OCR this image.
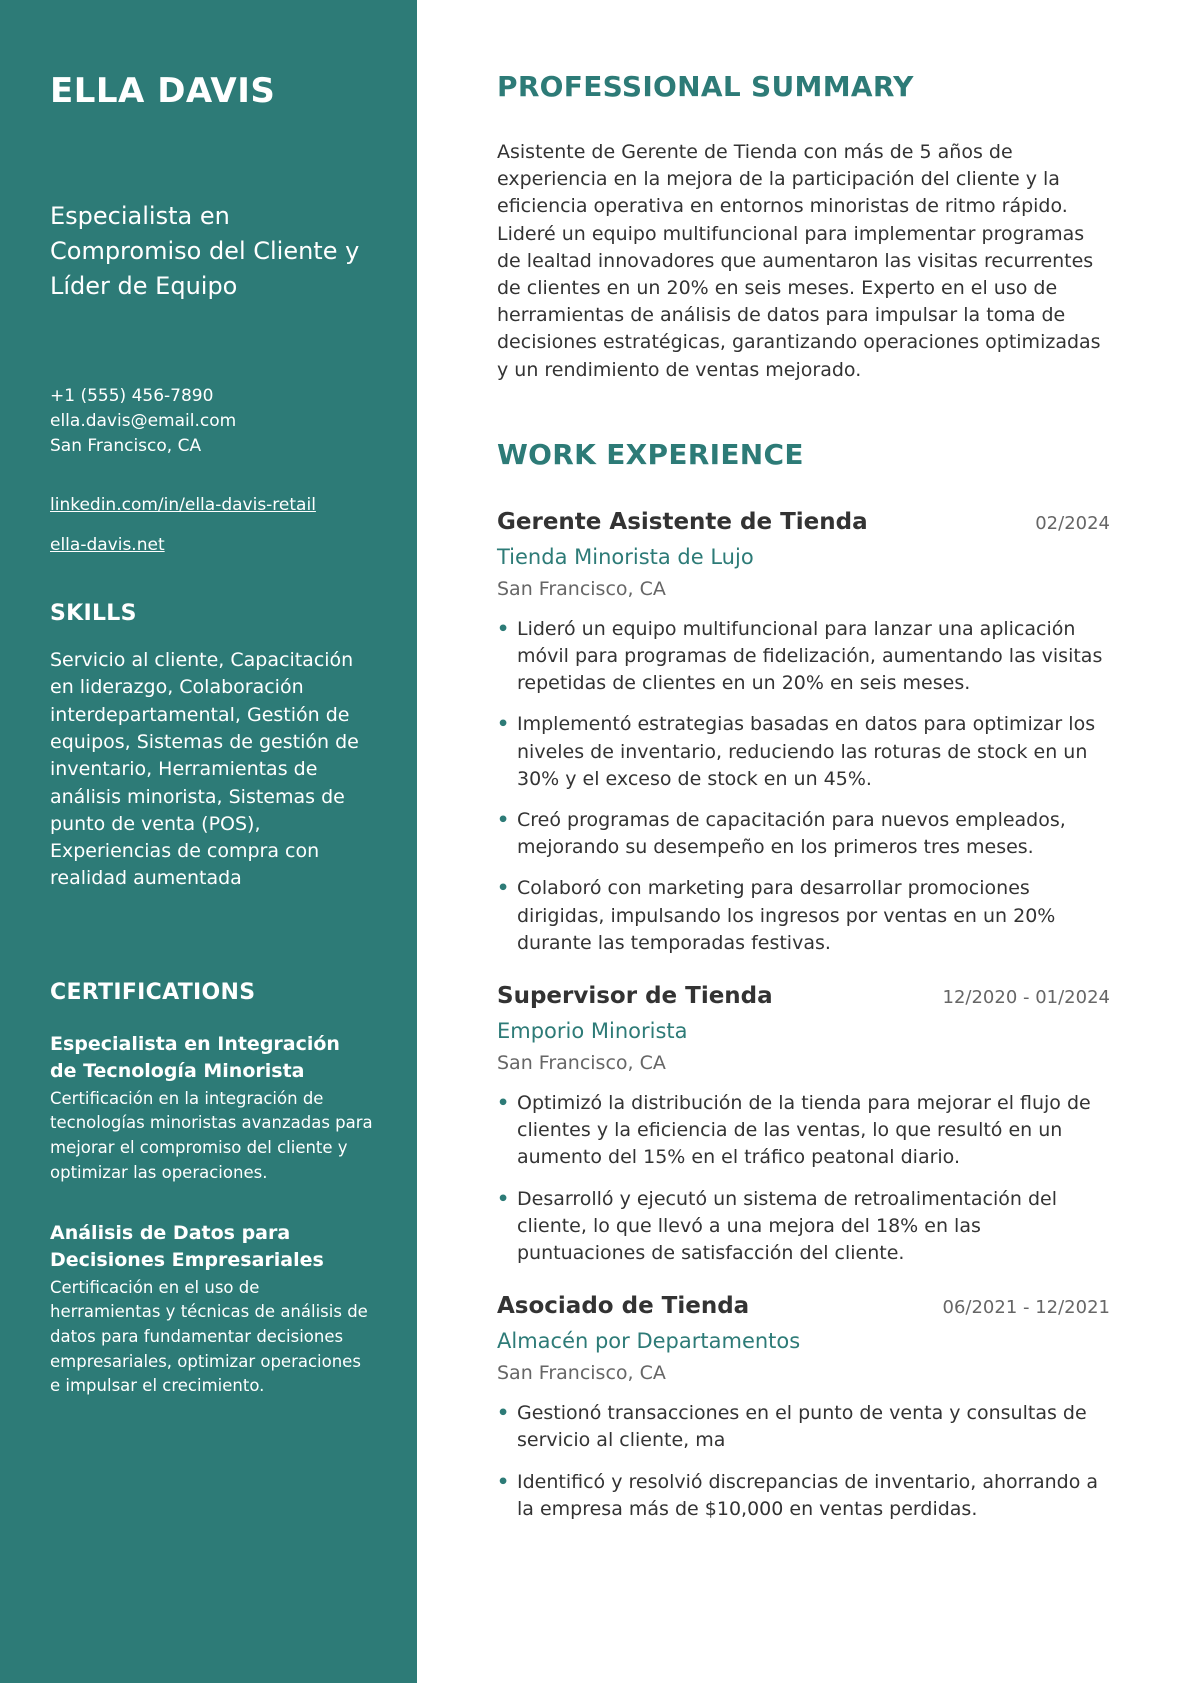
ELLA DAVIS
Especialista en Compromiso del Cliente y Líder de Equipo
+1 (555) 456-7890
ella.davis@email.com
San Francisco, CA
linkedin.com/in/ella-davis-retail
ella-davis.net
SKILLS
Servicio al cliente, Capacitación en liderazgo, Colaboración interdepartamental, Gestión de equipos, Sistemas de gestión de inventario, Herramientas de análisis minorista, Sistemas de punto de venta (POS), Experiencias de compra con realidad aumentada
CERTIFICATIONS
Especialista en Integración de Tecnología Minorista
Certificación en la integración de tecnologías minoristas avanzadas para mejorar el compromiso del cliente y optimizar las operaciones.
Análisis de Datos para Decisiones Empresariales
Certificación en el uso de herramientas y técnicas de análisis de datos para fundamentar decisiones empresariales, optimizar operaciones e impulsar el crecimiento.
PROFESSIONAL SUMMARY
Asistente de Gerente de Tienda con más de 5 años de experiencia en la mejora de la participación del cliente y la eficiencia operativa en entornos minoristas de ritmo rápido. Lideré un equipo multifuncional para implementar programas de lealtad innovadores que aumentaron las visitas recurrentes de clientes en un 20% en seis meses. Experto en el uso de herramientas de análisis de datos para impulsar la toma de decisiones estratégicas, garantizando operaciones optimizadas y un rendimiento de ventas mejorado.
WORK EXPERIENCE
Gerente Asistente de Tienda	02/2024
Tienda Minorista de Lujo
San Francisco, CA
• Lideró un equipo multifuncional para lanzar una aplicación móvil para programas de fidelización, aumentando las visitas repetidas de clientes en un 20% en seis meses.
• Implementó estrategias basadas en datos para optimizar los niveles de inventario, reduciendo las roturas de stock en un 30% y el exceso de stock en un 45%.
• Creó programas de capacitación para nuevos empleados, mejorando su desempeño en los primeros tres meses.
• Colaboró con marketing para desarrollar promociones dirigidas, impulsando los ingresos por ventas en un 20% durante las temporadas festivas.
Supervisor de Tienda	12/2020 - 01/2024
Emporio Minorista
San Francisco, CA
• Optimizó la distribución de la tienda para mejorar el flujo de clientes y la eficiencia de las ventas, lo que resultó en un aumento del 15% en el tráfico peatonal diario.
• Desarrolló y ejecutó un sistema de retroalimentación del cliente, lo que llevó a una mejora del 18% en las puntuaciones de satisfacción del cliente.
Asociado de Tienda	06/2021 - 12/2021
Almacén por Departamentos
San Francisco, CA
• Gestionó transacciones en el punto de venta y consultas de servicio al cliente, ma
• Identificó y resolvió discrepancias de inventario, ahorrando a la empresa más de $10,000 en ventas perdidas.
